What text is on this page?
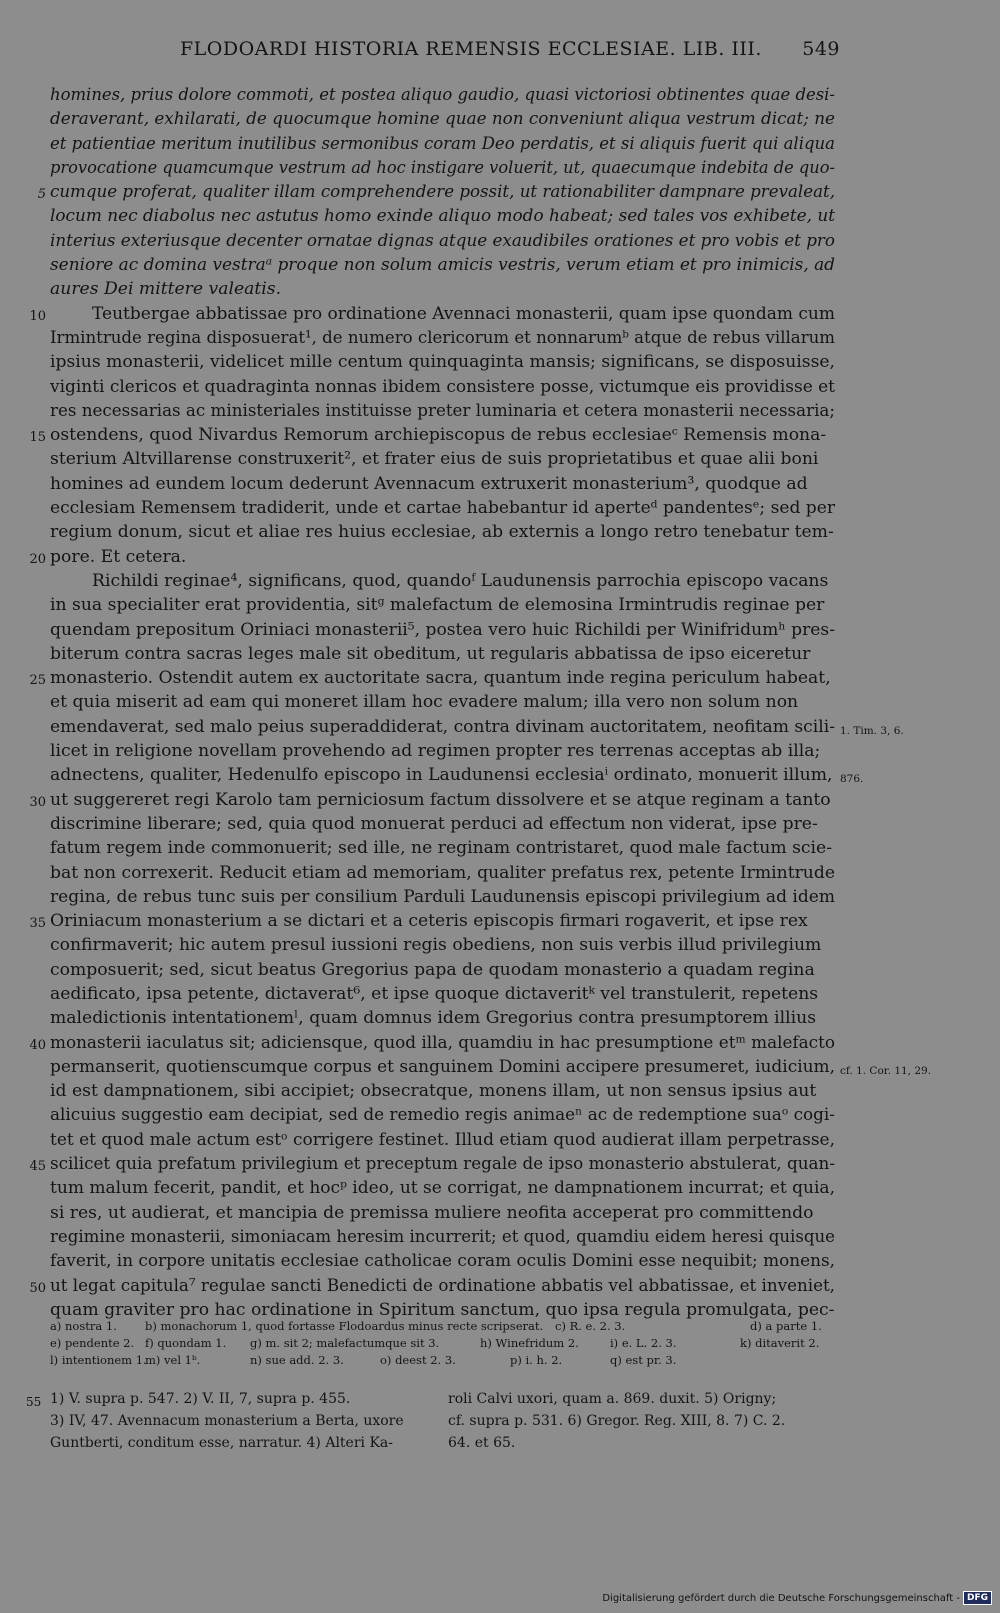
FLODOARDI HISTORIA REMENSIS ECCLESIAE. LIB. III. 549
homines, prius dolore commoti, et postea aliquo gaudio, quasi victoriosi obtinentes quae desi-
deraverant, exhilarati, de quocumque homine quae non conveniunt aliqua vestrum dicat; ne
et patientiae meritum inutilibus sermonibus coram Deo perdatis, et si aliquis fuerit qui aliqua
provocatione quamcumque vestrum ad hoc instigare voluerit, ut, quaecumque indebita de quo-
cumque proferat, qualiter illam comprehendere possit, ut rationabiliter dampnare prevaleat,
5
locum nec diabolus nec astutus homo exinde aliquo modo habeat; sed tales vos exhibete, ut
interius exteriusque decenter ornatae dignas atque exaudibiles orationes et pro vobis et pro
seniore ac domina vestraᵃ proque non solum amicis vestris, verum etiam et pro inimicis, ad
aures Dei mittere valeatis.
Teutbergae abbatissae pro ordinatione Avennaci monasterii, quam ipse quondam cum
10
Irmintrude regina disposuerat¹, de numero clericorum et nonnarumᵇ atque de rebus villarum
ipsius monasterii, videlicet mille centum quinquaginta mansis; significans, se disposuisse,
viginti clericos et quadraginta nonnas ibidem consistere posse, victumque eis providisse et
res necessarias ac ministeriales instituisse preter luminaria et cetera monasterii necessaria;
ostendens, quod Nivardus Remorum archiepiscopus de rebus ecclesiaeᶜ Remensis mona-
15
sterium Altvillarense construxerit², et frater eius de suis proprietatibus et quae alii boni
homines ad eundem locum dederunt Avennacum extruxerit monasterium³, quodque ad
ecclesiam Remensem tradiderit, unde et cartae habebantur id aperteᵈ pandentesᵉ; sed per
regium donum, sicut et aliae res huius ecclesiae, ab externis a longo retro tenebatur tem-
pore. Et cetera.
20
Richildi reginae⁴, significans, quod, quandoᶠ Laudunensis parrochia episcopo vacans
in sua specialiter erat providentia, sitᵍ malefactum de elemosina Irmintrudis reginae per
quendam prepositum Oriniaci monasterii⁵, postea vero huic Richildi per Winifridumʰ pres-
biterum contra sacras leges male sit obeditum, ut regularis abbatissa de ipso eiceretur
monasterio. Ostendit autem ex auctoritate sacra, quantum inde regina periculum habeat,
25
et quia miserit ad eam qui moneret illam hoc evadere malum; illa vero non solum non
emendaverat, sed malo peius superaddiderat, contra divinam auctoritatem, neofitam scili- 1. Tim. 3, 6.
licet in religione novellam provehendo ad regimen propter res terrenas acceptas ab illa;
adnectens, qualiter, Hedenulfo episcopo in Laudunensi ecclesiaⁱ ordinato, monuerit illum, 876.
ut suggereret regi Karolo tam perniciosum factum dissolvere et se atque reginam a tanto
30
discrimine liberare; sed, quia quod monuerat perduci ad effectum non viderat, ipse pre-
fatum regem inde commonuerit; sed ille, ne reginam contristaret, quod male factum scie-
bat non correxerit. Reducit etiam ad memoriam, qualiter prefatus rex, petente Irmintrude
regina, de rebus tunc suis per consilium Parduli Laudunensis episcopi privilegium ad idem
Oriniacum monasterium a se dictari et a ceteris episcopis firmari rogaverit, et ipse rex
35
confirmaverit; hic autem presul iussioni regis obediens, non suis verbis illud privilegium
composuerit; sed, sicut beatus Gregorius papa de quodam monasterio a quadam regina
aedificato, ipsa petente, dictaverat⁶, et ipse quoque dictaveritᵏ vel transtulerit, repetens
maledictionis intentationemˡ, quam domnus idem Gregorius contra presumptorem illius
monasterii iaculatus sit; adiciensque, quod illa, quamdiu in hac presumptione etᵐ malefacto
40
permanserit, quotienscumque corpus et sanguinem Domini accipere presumeret, iudicium, cf. 1. Cor. 11, 29.
id est dampnationem, sibi accipiet; obsecratque, monens illam, ut non sensus ipsius aut
alicuius suggestio eam decipiat, sed de remedio regis animaeⁿ ac de redemptione suaᵒ cogi-
tet et quod male actum estᵒ corrigere festinet. Illud etiam quod audierat illam perpetrasse,
scilicet quia prefatum privilegium et preceptum regale de ipso monasterio abstulerat, quan-
45
tum malum fecerit, pandit, et hocᵖ ideo, ut se corrigat, ne dampnationem incurrat; et quia,
si res, ut audierat, et mancipia de premissa muliere neofita acceperat pro committendo
regimine monasterii, simoniacam heresim incurrerit; et quod, quamdiu eidem heresi quisque
faverit, in corpore unitatis ecclesiae catholicae coram oculis Domini esse nequibit; monens,
ut legat capitula⁷ regulae sancti Benedicti de ordinatione abbatis vel abbatissae, et inveniet,
50
quam graviter pro hac ordinatione in Spiritum sanctum, quo ipsa regula promulgata, pec-
a) nostra 1. b) monachorum 1, quod fortasse Flodoardus minus recte scripserat. c) R. e. 2. 3.	d) a parte 1.
e) pendente 2. f) quondam 1. g) m. sit 2; malefactumque sit 3.	h) Winefridum 2.	i) e. L. 2. 3.	k) ditaverit 2.
l) intentionem 1.
m) vel 1ᵇ.	n) sue add. 2. 3.	o) deest 2. 3.	p) i. h. 2.	q) est pr. 3.
55 1) V. supra p. 547. 2) V. II, 7, supra p. 455.	roli Calvi uxori, quam a. 869. duxit. 5) Origny;
3) IV, 47. Avennacum monasterium a Berta, uxore	cf. supra p. 531. 6) Gregor. Reg. XIII, 8. 7) C. 2.
Guntberti, conditum esse, narratur. 4) Alteri Ka-	64. et 65.
Digitalisierung gefördert durch die Deutsche Forschungsgemeinschaft - DFG
